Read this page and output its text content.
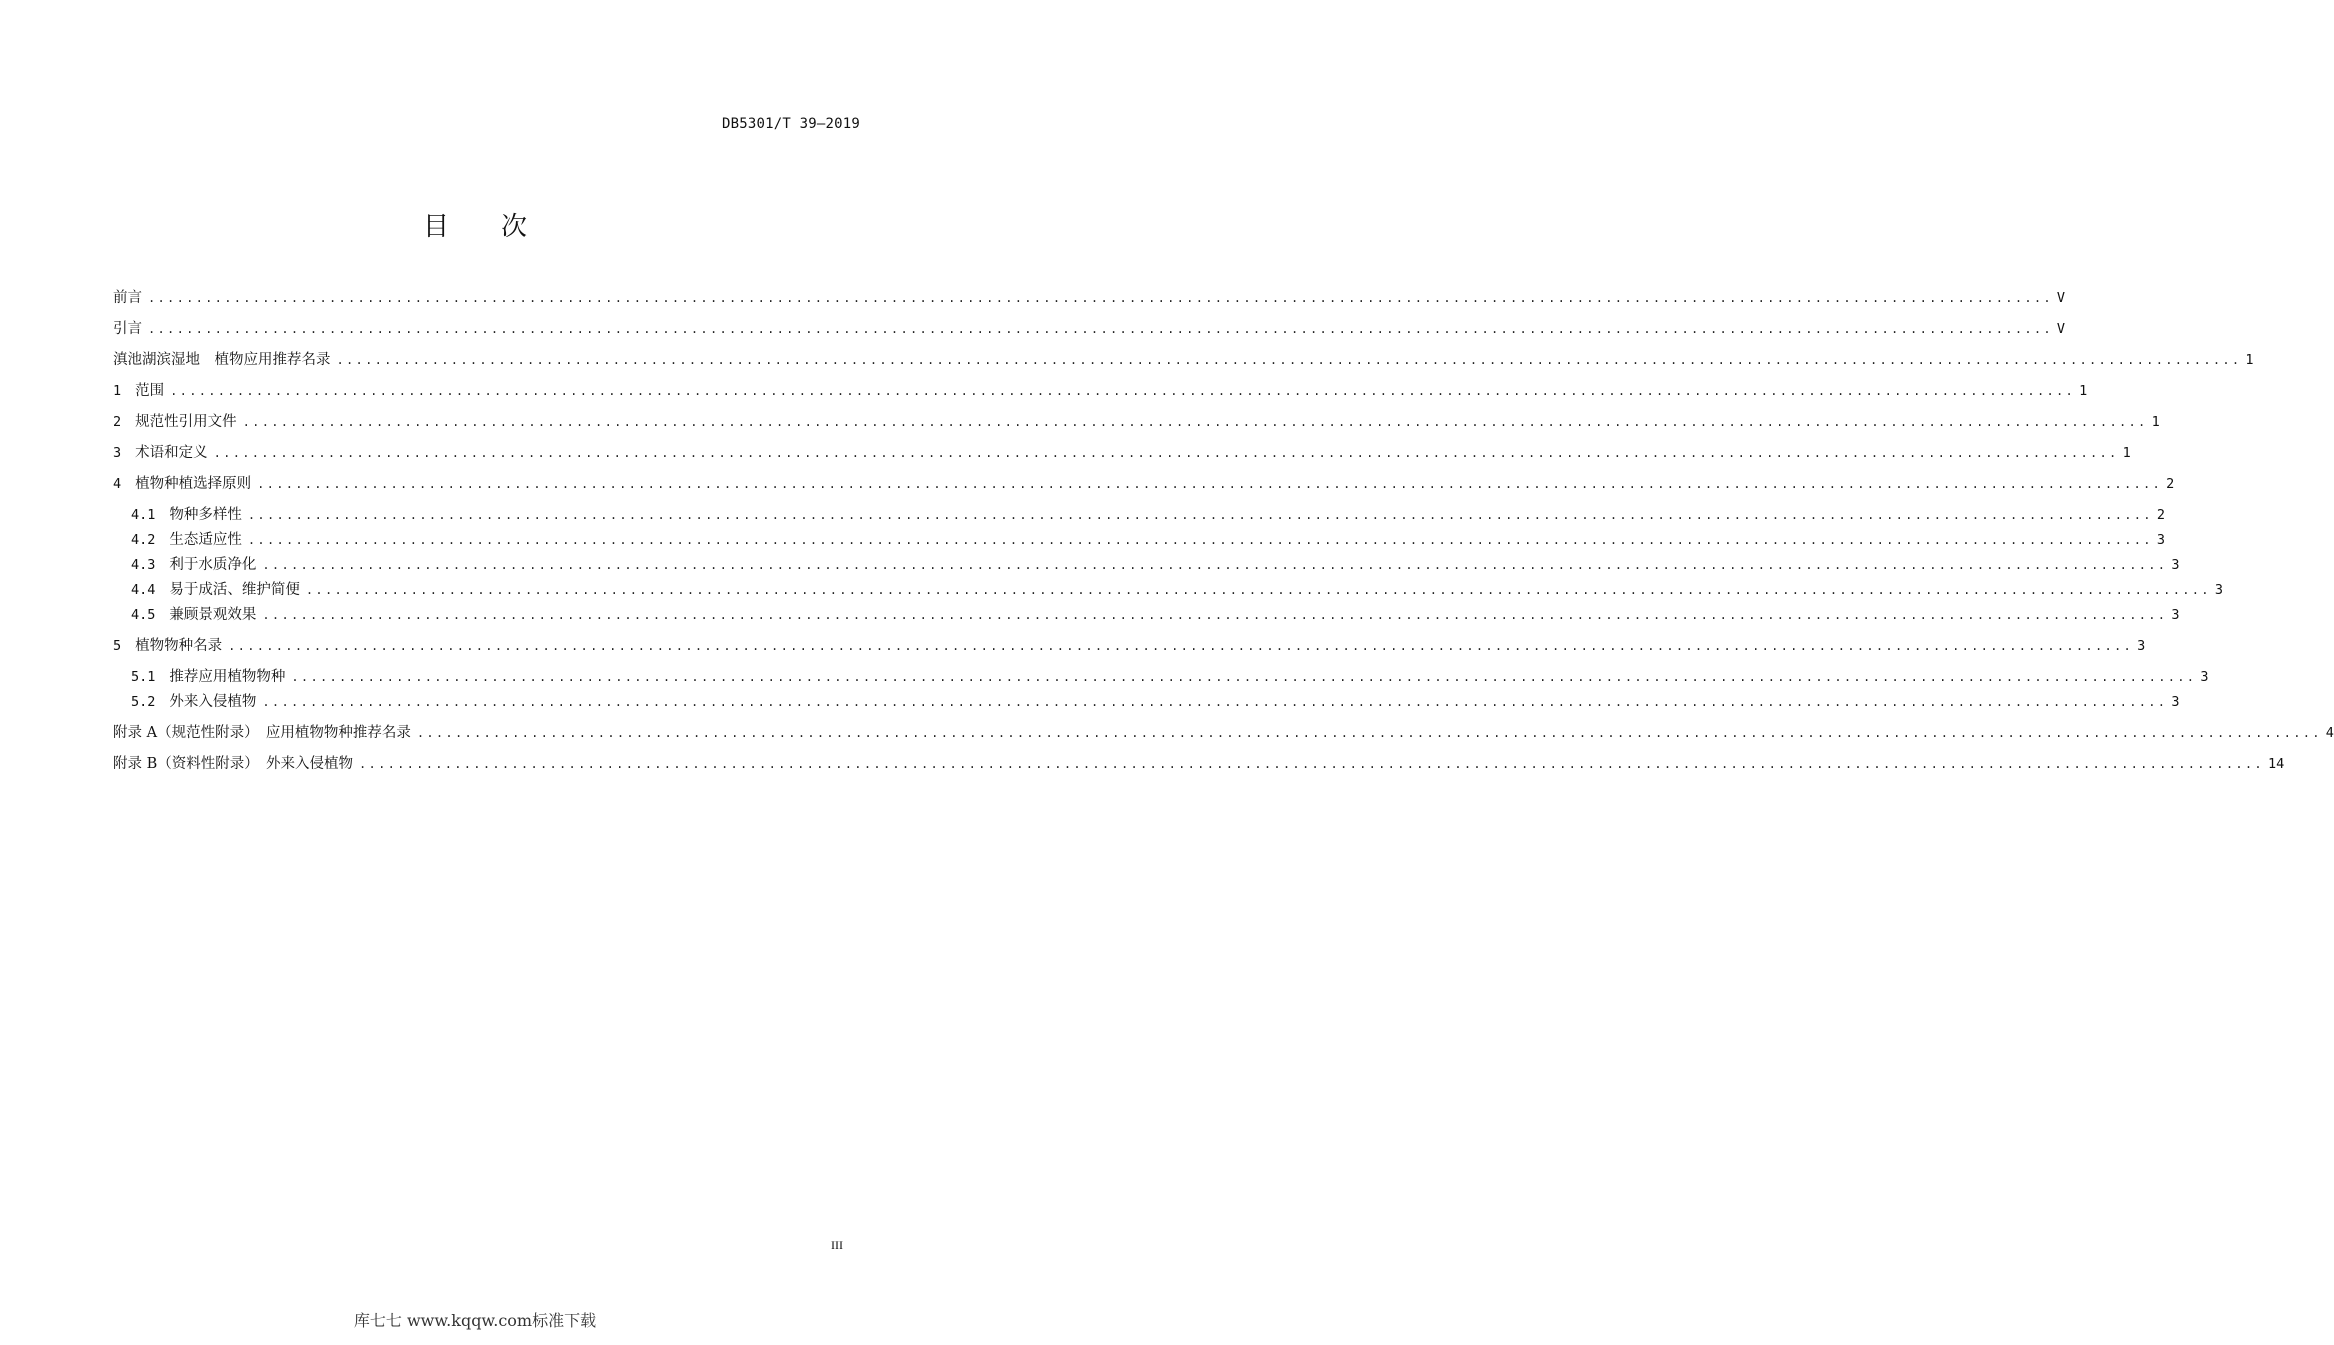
DB5301/T 39—2019
目 次
前言 ........................................................................................................................................................................................................ V
引言 ........................................................................................................................................................................................................ V
滇池湖滨湿地　植物应用推荐名录 ........................................................................................................................................................................................................ 1
1 范围 ........................................................................................................................................................................................................ 1
2 规范性引用文件 ........................................................................................................................................................................................................ 1
3 术语和定义 ........................................................................................................................................................................................................ 1
4 植物种植选择原则 ........................................................................................................................................................................................................ 2
4.1 物种多样性 ........................................................................................................................................................................................................ 2
4.2 生态适应性 ........................................................................................................................................................................................................ 3
4.3 利于水质净化 ........................................................................................................................................................................................................ 3
4.4 易于成活、维护简便 ........................................................................................................................................................................................................ 3
4.5 兼顾景观效果 ........................................................................................................................................................................................................ 3
5 植物物种名录 ........................................................................................................................................................................................................ 3
5.1 推荐应用植物物种 ........................................................................................................................................................................................................ 3
5.2 外来入侵植物 ........................................................................................................................................................................................................ 3
附录 A（规范性附录）　应用植物物种推荐名录 ........................................................................................................................................................................................................ 4
附录 B（资料性附录）　外来入侵植物 ........................................................................................................................................................................................................ 14
III
库七七 www.kqqw.com标准下载
